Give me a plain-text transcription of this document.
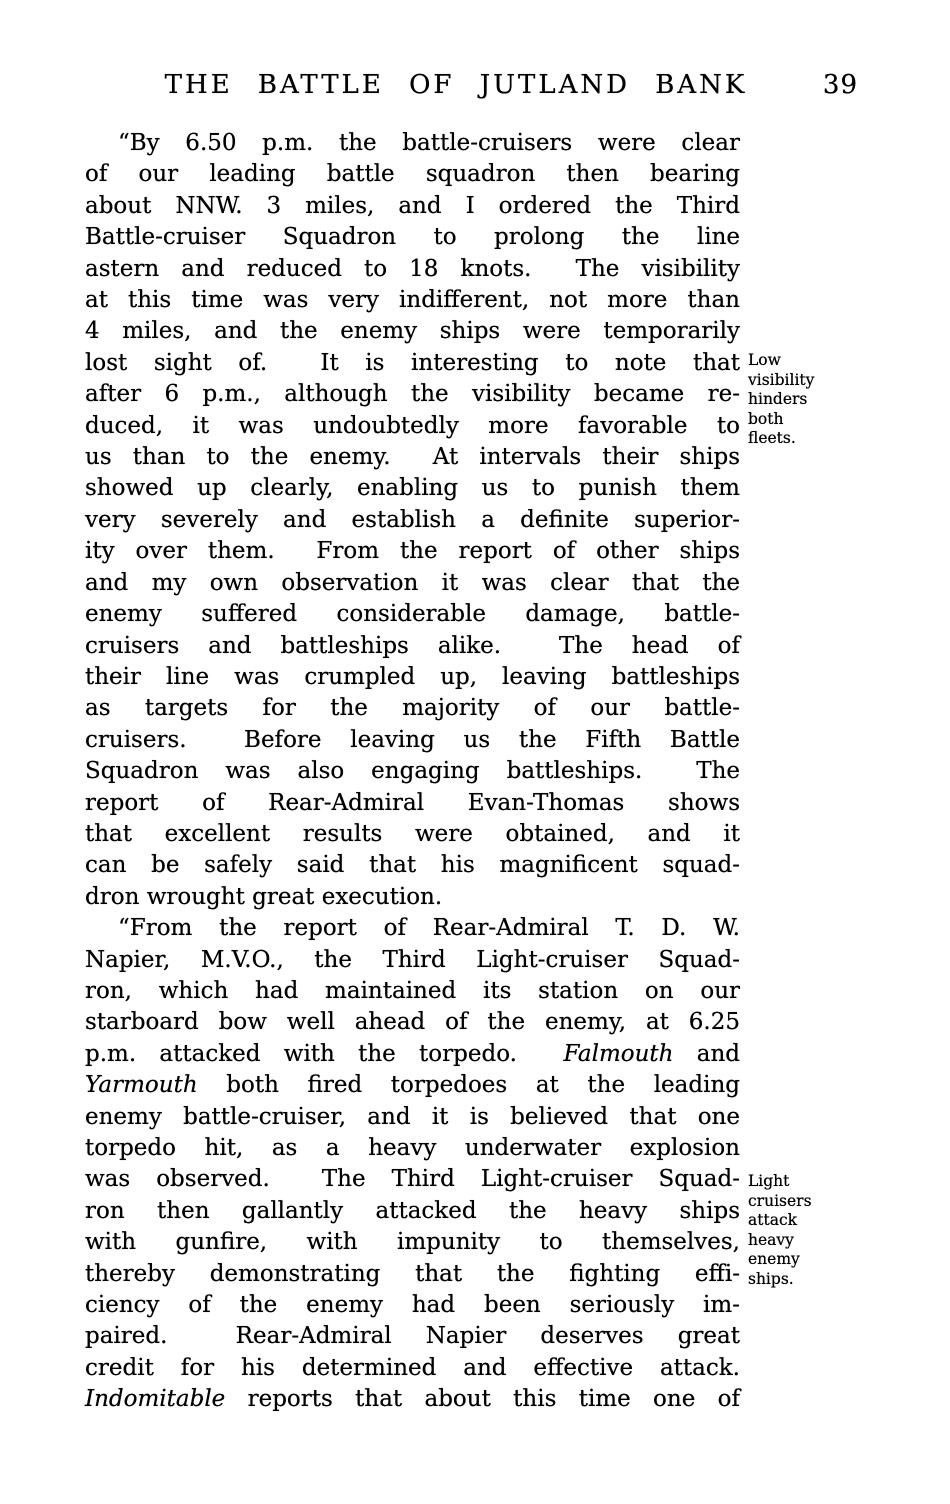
THE BATTLE OF JUTLAND BANK	39
“By 6.50 p.m. the battle-cruisers were clear
of our leading battle squadron then bearing
about NNW. 3 miles, and I ordered the Third
Battle-cruiser Squadron to prolong the line
astern and reduced to 18 knots.  The visibility
at this time was very indifferent, not more than
4 miles, and the enemy ships were temporarily
lost sight of.  It is interesting to note that
after 6 p.m., although the visibility became re-
duced, it was undoubtedly more favorable to
us than to the enemy.  At intervals their ships
showed up clearly, enabling us to punish them
very severely and establish a definite superior-
ity over them.  From the report of other ships
and my own observation it was clear that the
enemy suffered considerable damage, battle-
cruisers and battleships alike.  The head of
their line was crumpled up, leaving battleships
as targets for the majority of our battle-
cruisers.  Before leaving us the Fifth Battle
Squadron was also engaging battleships.  The
report of Rear-Admiral Evan-Thomas shows
that excellent results were obtained, and it
can be safely said that his magnificent squad-
dron wrought great execution.
“From the report of Rear-Admiral T. D. W.
Napier, M.V.O., the Third Light-cruiser Squad-
ron, which had maintained its station on our
starboard bow well ahead of the enemy, at 6.25
p.m. attacked with the torpedo.  Falmouth and
Yarmouth both fired torpedoes at the leading
enemy battle-cruiser, and it is believed that one
torpedo hit, as a heavy underwater explosion
was observed.  The Third Light-cruiser Squad-
ron then gallantly attacked the heavy ships
with gunfire, with impunity to themselves,
thereby demonstrating that the fighting effi-
ciency of the enemy had been seriously im-
paired.  Rear-Admiral Napier deserves great
credit for his determined and effective attack.
Indomitable reports that about this time one of
Low visibility hinders both fleets.
Light cruisers attack heavy enemy ships.
